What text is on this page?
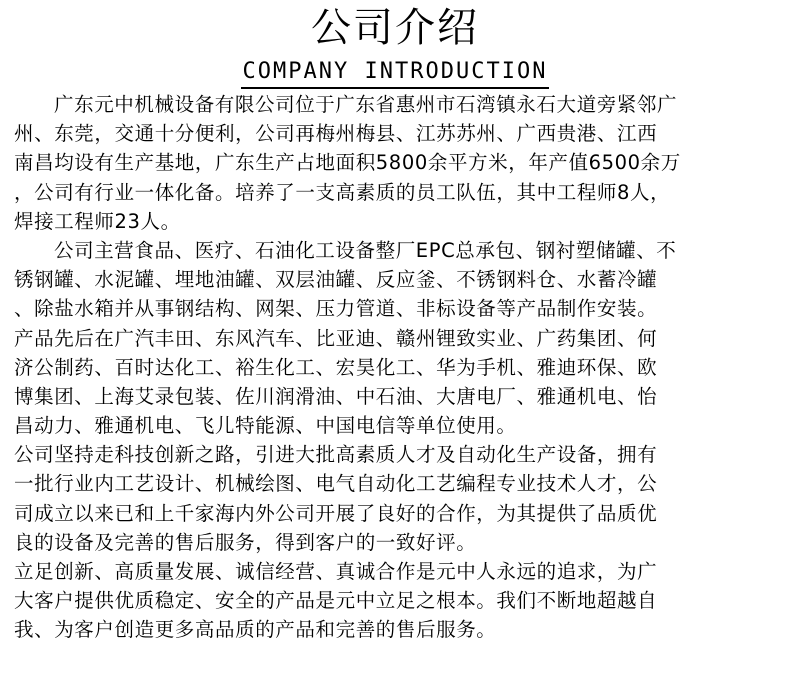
公司介绍
COMPANY INTRODUCTION
广东元中机械设备有限公司位于广东省惠州市石湾镇永石大道旁紧邻广
州、东莞，交通十分便利，公司再梅州梅县、江苏苏州、广西贵港、江西
南昌均设有生产基地，广东生产占地面积5800余平方米，年产值6500余万
，公司有行业一体化备。培养了一支高素质的员工队伍，其中工程师8人，
焊接工程师23人。
公司主营食品、医疗、石油化工设备整厂EPC总承包、钢衬塑储罐、不
锈钢罐、水泥罐、埋地油罐、双层油罐、反应釜、不锈钢料仓、水蓄冷罐
、除盐水箱并从事钢结构、网架、压力管道、非标设备等产品制作安装。
产品先后在广汽丰田、东风汽车、比亚迪、赣州锂致实业、广药集团、何
济公制药、百时达化工、裕生化工、宏昊化工、华为手机、雅迪环保、欧
博集团、上海艾录包装、佐川润滑油、中石油、大唐电厂、雅通机电、怡
昌动力、雅通机电、飞儿特能源、中国电信等单位使用。
公司坚持走科技创新之路，引进大批高素质人才及自动化生产设备，拥有
一批行业内工艺设计、机械绘图、电气自动化工艺编程专业技术人才，公
司成立以来已和上千家海内外公司开展了良好的合作，为其提供了品质优
良的设备及完善的售后服务，得到客户的一致好评。
立足创新、高质量发展、诚信经营、真诚合作是元中人永远的追求，为广
大客户提供优质稳定、安全的产品是元中立足之根本。我们不断地超越自
我、为客户创造更多高品质的产品和完善的售后服务。
